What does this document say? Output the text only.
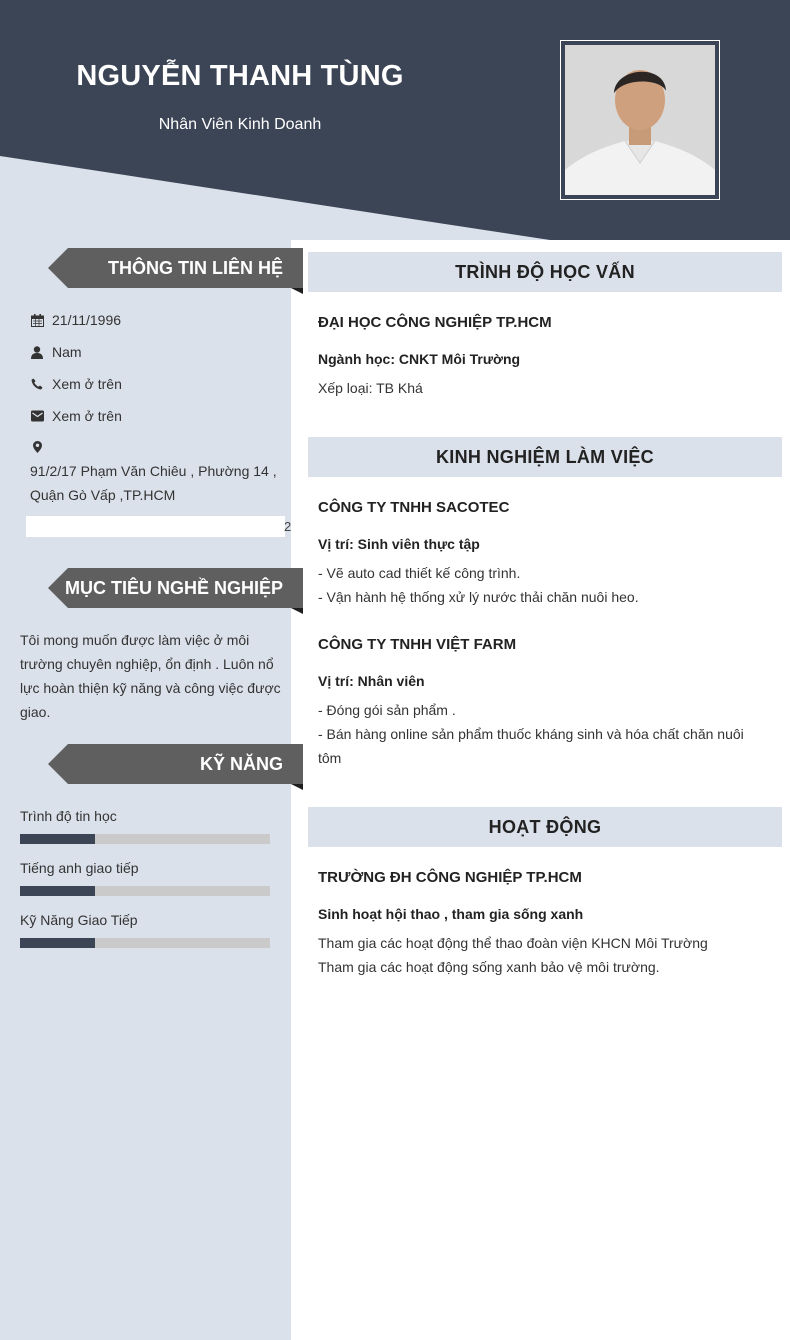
NGUYỄN THANH TÙNG
Nhân Viên Kinh Doanh
THÔNG TIN LIÊN HỆ
21/11/1996
Nam
Xem ở trên
Xem ở trên
91/2/17 Phạm Văn Chiêu , Phường 14 , Quận Gò Vấp ,TP.HCM
2
MỤC TIÊU NGHỀ NGHIỆP
Tôi mong muốn được làm việc ở môi trường chuyên nghiệp, ổn định . Luôn nổ lực hoàn thiện kỹ năng và công việc được giao.
KỸ NĂNG
Trình độ tin học
Tiếng anh giao tiếp
Kỹ Năng Giao Tiếp
TRÌNH ĐỘ HỌC VẤN
ĐẠI HỌC CÔNG NGHIỆP TP.HCM
Ngành học: CNKT Môi Trường
Xếp loại: TB Khá
KINH NGHIỆM LÀM VIỆC
CÔNG TY TNHH SACOTEC
Vị trí: Sinh viên thực tập
- Vẽ auto cad thiết kế công trình.
- Vận hành hệ thống xử lý nước thải chăn nuôi heo.
CÔNG TY TNHH VIỆT FARM
Vị trí: Nhân viên
- Đóng gói sản phẩm .
- Bán hàng online sản phẩm thuốc kháng sinh và hóa chất chăn nuôi tôm
HOẠT ĐỘNG
TRƯỜNG ĐH CÔNG NGHIỆP TP.HCM
Sinh hoạt hội thao , tham gia sống xanh
Tham gia các hoạt động thể thao đoàn viện KHCN Môi Trường
Tham gia các hoạt động sống xanh bảo vệ môi trường.
